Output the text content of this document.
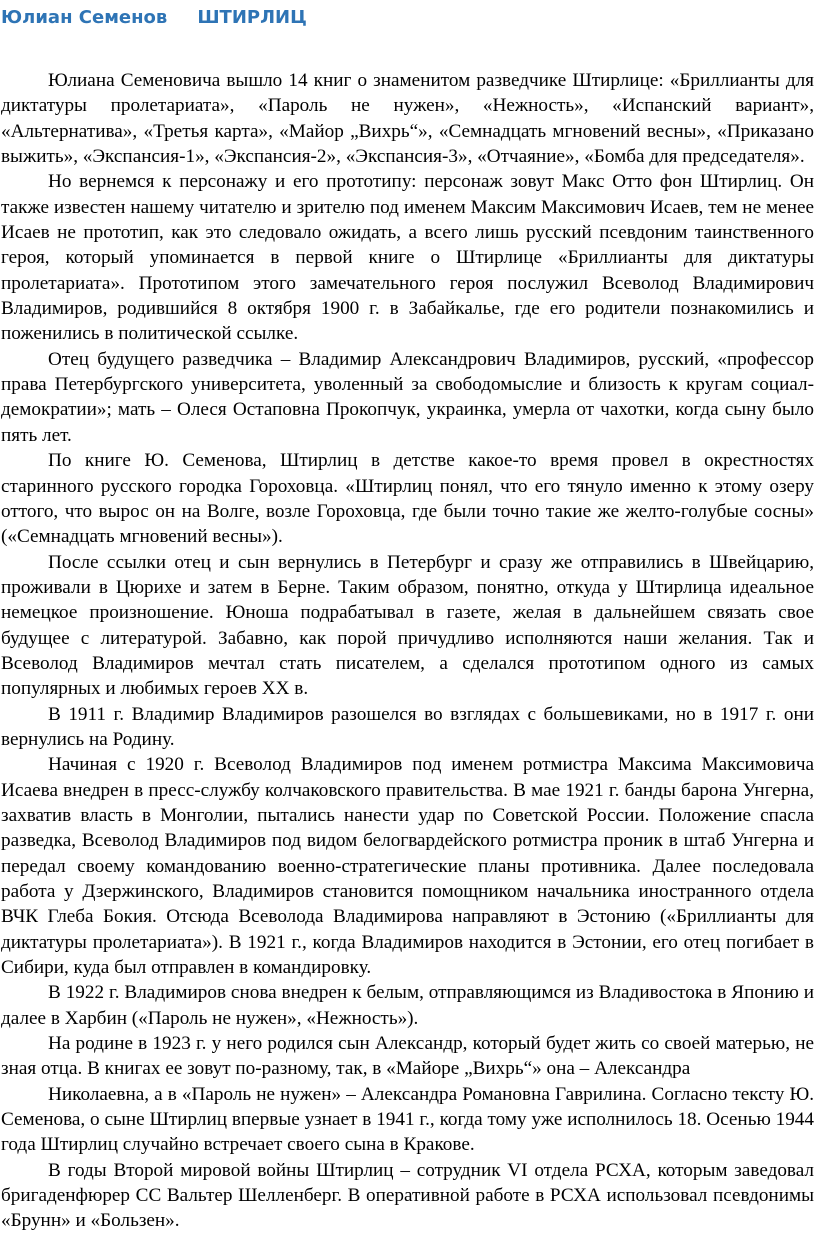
Юлиан Семенов ШТИРЛИЦ

Юлиана Семеновича вышло 14 книг о знаменитом разведчике Штирлице: «Бриллианты для диктатуры пролетариата», «Пароль не нужен», «Нежность», «Испанский вариант», «Альтернатива», «Третья карта», «Майор „Вихрь“», «Семнадцать мгновений весны», «Приказано выжить», «Экспансия-1», «Экспансия-2», «Экспансия-3», «Отчаяние», «Бомба для председателя».

Но вернемся к персонажу и его прототипу: персонаж зовут Макс Отто фон Штирлиц. Он также известен нашему читателю и зрителю под именем Максим Максимович Исаев, тем не менее Исаев не прототип, как это следовало ожидать, а всего лишь русский псевдоним таинственного героя, который упоминается в первой книге о Штирлице «Бриллианты для диктатуры пролетариата». Прототипом этого замечательного героя послужил Всеволод Владимирович Владимиров, родившийся 8 октября 1900 г. в Забайкалье, где его родители познакомились и поженились в политической ссылке.

Отец будущего разведчика – Владимир Александрович Владимиров, русский, «профессор права Петербургского университета, уволенный за свободомыслие и близость к кругам социал-демократии»; мать – Олеся Остаповна Прокопчук, украинка, умерла от чахотки, когда сыну было пять лет.

По книге Ю. Семенова, Штирлиц в детстве какое-то время провел в окрестностях старинного русского городка Гороховца. «Штирлиц понял, что его тянуло именно к этому озеру оттого, что вырос он на Волге, возле Гороховца, где были точно такие же желто-голубые сосны» («Семнадцать мгновений весны»).

После ссылки отец и сын вернулись в Петербург и сразу же отправились в Швейцарию, проживали в Цюрихе и затем в Берне. Таким образом, понятно, откуда у Штирлица идеальное немецкое произношение. Юноша подрабатывал в газете, желая в дальнейшем связать свое будущее с литературой. Забавно, как порой причудливо исполняются наши желания. Так и Всеволод Владимиров мечтал стать писателем, а сделался прототипом одного из самых популярных и любимых героев XX в.

В 1911 г. Владимир Владимиров разошелся во взглядах с большевиками, но в 1917 г. они вернулись на Родину.

Начиная с 1920 г. Всеволод Владимиров под именем ротмистра Максима Максимовича Исаева внедрен в пресс-службу колчаковского правительства. В мае 1921 г. банды барона Унгерна, захватив власть в Монголии, пытались нанести удар по Советской России. Положение спасла разведка, Всеволод Владимиров под видом белогвардейского ротмистра проник в штаб Унгерна и передал своему командованию военно-стратегические планы противника. Далее последовала работа у Дзержинского, Владимиров становится помощником начальника иностранного отдела ВЧК Глеба Бокия. Отсюда Всеволода Владимирова направляют в Эстонию («Бриллианты для диктатуры пролетариата»). В 1921 г., когда Владимиров находится в Эстонии, его отец погибает в Сибири, куда был отправлен в командировку.

В 1922 г. Владимиров снова внедрен к белым, отправляющимся из Владивостока в Японию и далее в Харбин («Пароль не нужен», «Нежность»).

На родине в 1923 г. у него родился сын Александр, который будет жить со своей матерью, не зная отца. В книгах ее зовут по-разному, так, в «Майоре „Вихрь“» она – Александра

Николаевна, а в «Пароль не нужен» – Александра Романовна Гаврилина. Согласно тексту Ю. Семенова, о сыне Штирлиц впервые узнает в 1941 г., когда тому уже исполнилось 18. Осенью 1944 года Штирлиц случайно встречает своего сына в Кракове.

В годы Второй мировой войны Штирлиц – сотрудник VI отдела РСХА, которым заведовал бригаденфюрер СС Вальтер Шелленберг. В оперативной работе в РСХА использовал псевдонимы «Брунн» и «Бользен».
